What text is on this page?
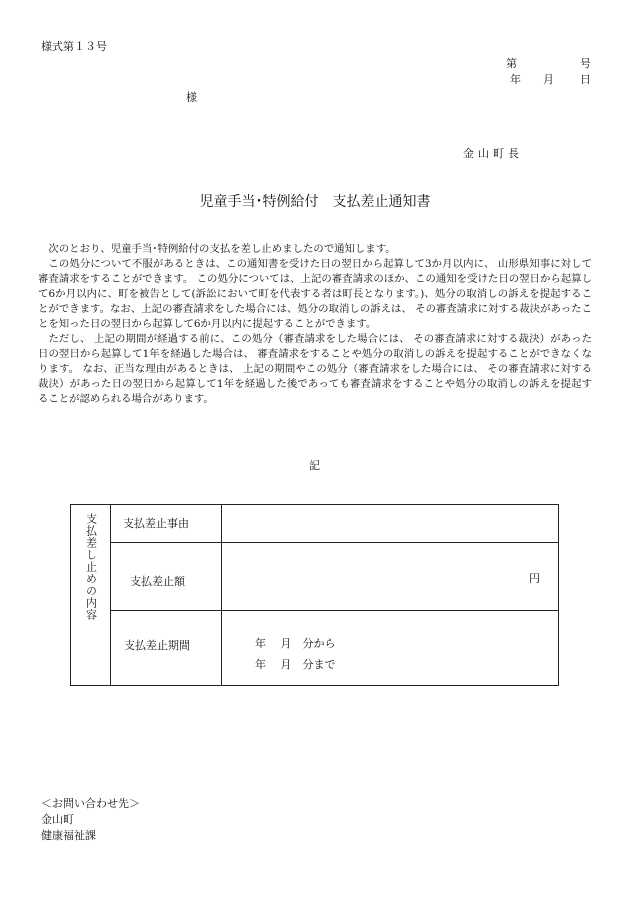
様式第１３号
第	号
年 月 日
様
金山町長
児童手当･特例給付　支払差止通知書

次のとおり、児童手当･特例給付の支払を差し止めましたので通知します。

この処分について不服があるときは、この通知書を受けた日の翌日から起算して3か月以内に、 山形県知事に対して審査請求をすることができます。 この処分については、上記の審査請求のほか、この通知を受けた日の翌日から起算して6か月以内に、町を被告として(訴訟において町を代表する者は町長となります。)、処分の取消しの訴えを提起することができます。なお、上記の審査請求をした場合には、処分の取消しの訴えは、 その審査請求に対する裁決があったことを知った日の翌日から起算して6か月以内に提起することができます。

ただし、 上記の期間が経過する前に、この処分（審査請求をした場合には、 その審査請求に対する裁決）があった日の翌日から起算して1年を経過した場合は、 審査請求をすることや処分の取消しの訴えを提起することができなくなります。 なお、正当な理由があるときは、 上記の期間やこの処分（審査請求をした場合には、 その審査請求に対する裁決）があった日の翌日から起算して1年を経過した後であっても審査請求をすることや処分の取消しの訴えを提起することが認められる場合があります。

記
支払差し止めの内容	支払差止事由
支払差止額	円
支払差止期間	年　 月　分から
年　 月　分まで
＜お問い合わせ先＞
金山町
健康福祉課
